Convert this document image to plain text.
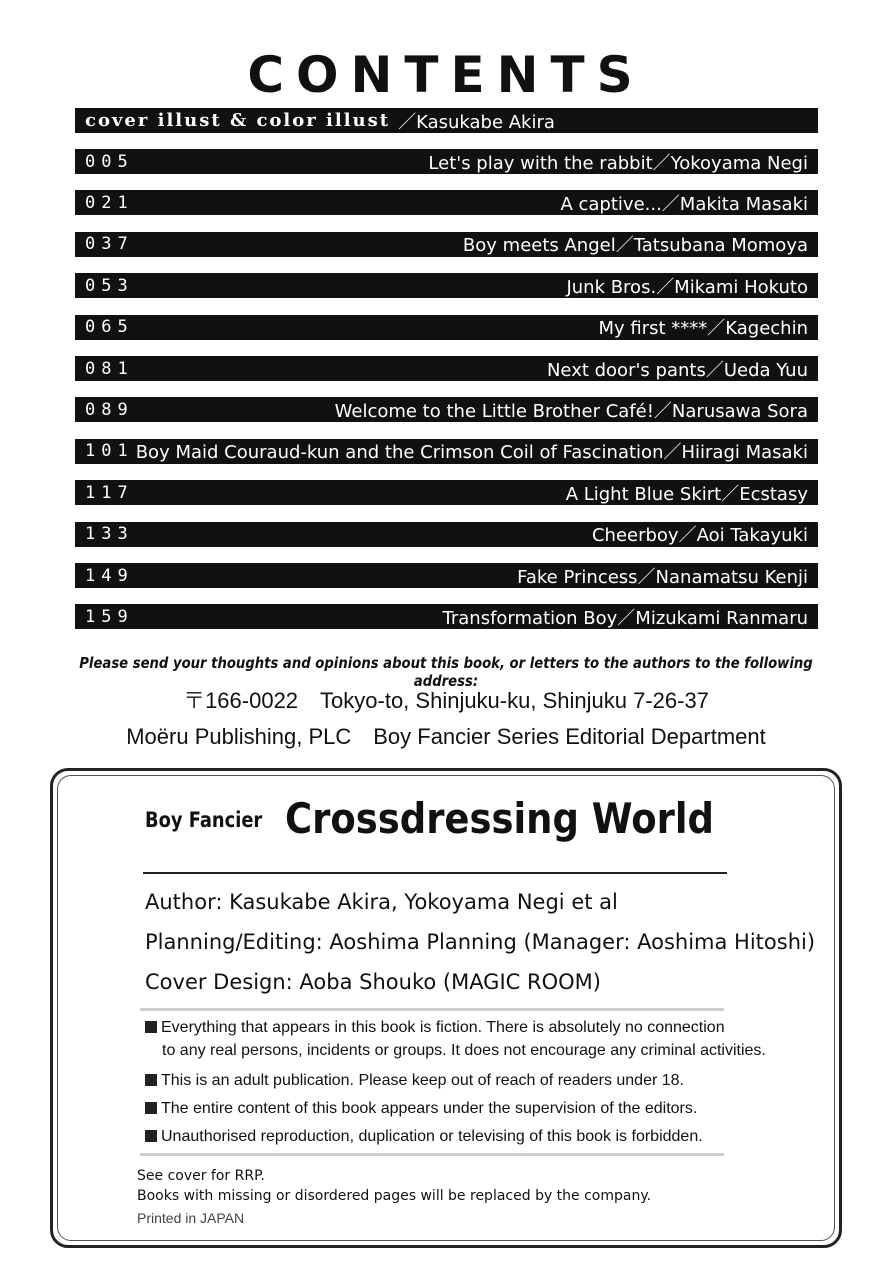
CONTENTS
cover illust & color illust ／Kasukabe Akira
005	Let's play with the rabbit／Yokoyama Negi
021	A captive...／Makita Masaki
037	Boy meets Angel／Tatsubana Momoya
053	Junk Bros.／Mikami Hokuto
065	My first ****／Kagechin
081	Next door's pants／Ueda Yuu
089	Welcome to the Little Brother Café!／Narusawa Sora
101 Boy Maid Couraud-kun and the Crimson Coil of Fascination／Hiiragi Masaki
117	A Light Blue Skirt／Ecstasy
133	Cheerboy／Aoi Takayuki
149	Fake Princess／Nanamatsu Kenji
159	Transformation Boy／Mizukami Ranmaru
Please send your thoughts and opinions about this book, or letters to the authors to the following address:
〒166-0022　Tokyo-to, Shinjuku-ku, Shinjuku 7-26-37
Moëru Publishing, PLC　Boy Fancier Series Editorial Department
Boy Fancier Crossdressing World
Author: Kasukabe Akira, Yokoyama Negi et al
Planning/Editing: Aoshima Planning (Manager: Aoshima Hitoshi)
Cover Design: Aoba Shouko (MAGIC ROOM)
Everything that appears in this book is fiction. There is absolutely no connection
to any real persons, incidents or groups. It does not encourage any criminal activities.
This is an adult publication. Please keep out of reach of readers under 18.
The entire content of this book appears under the supervision of the editors.
Unauthorised reproduction, duplication or televising of this book is forbidden.
See cover for RRP.
Books with missing or disordered pages will be replaced by the company.
Printed in JAPAN
